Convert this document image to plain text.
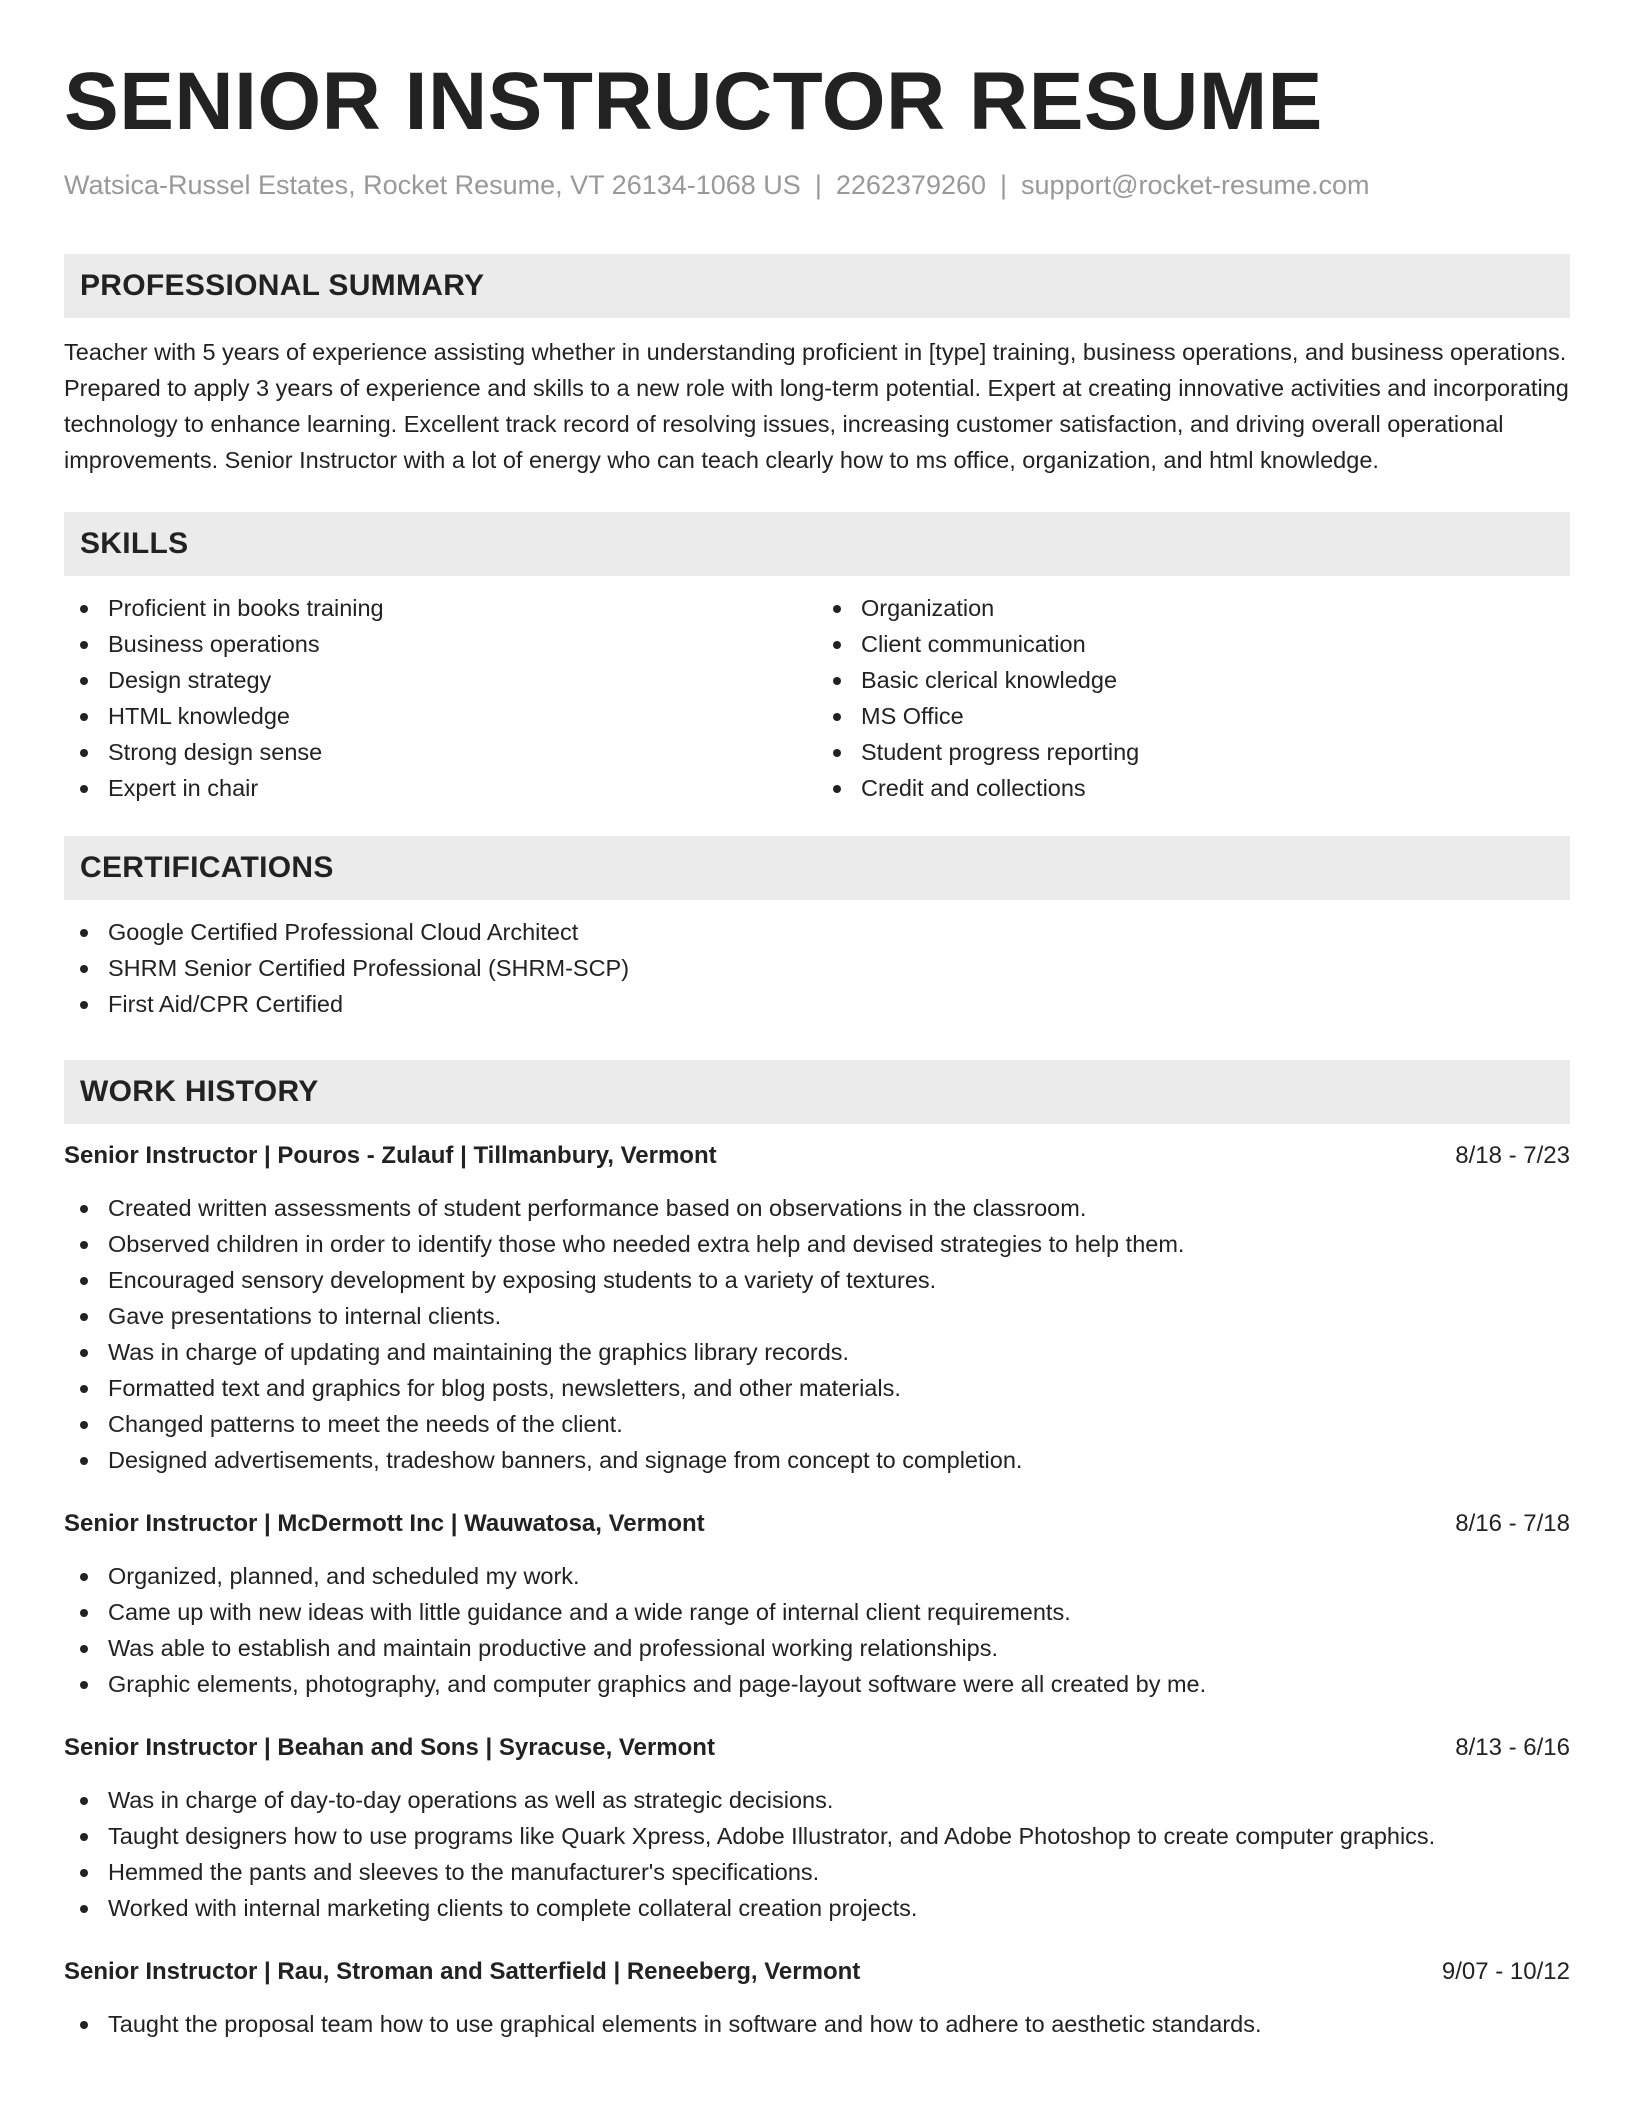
SENIOR INSTRUCTOR RESUME
Watsica-Russel Estates, Rocket Resume, VT 26134-1068 US | 2262379260 | support@rocket-resume.com
PROFESSIONAL SUMMARY

Teacher with 5 years of experience assisting whether in understanding proficient in [type] training, business operations, and business operations. Prepared to apply 3 years of experience and skills to a new role with long-term potential. Expert at creating innovative activities and incorporating technology to enhance learning. Excellent track record of resolving issues, increasing customer satisfaction, and driving overall operational improvements. Senior Instructor with a lot of energy who can teach clearly how to ms office, organization, and html knowledge.

SKILLS
Proficient in books training
Business operations
Design strategy
HTML knowledge
Strong design sense
Expert in chair
Organization
Client communication
Basic clerical knowledge
MS Office
Student progress reporting
Credit and collections
CERTIFICATIONS
Google Certified Professional Cloud Architect
SHRM Senior Certified Professional (SHRM-SCP)
First Aid/CPR Certified
WORK HISTORY
Senior Instructor | Pouros - Zulauf | Tillmanbury, Vermont	8/18 - 7/23
Created written assessments of student performance based on observations in the classroom.
Observed children in order to identify those who needed extra help and devised strategies to help them.
Encouraged sensory development by exposing students to a variety of textures.
Gave presentations to internal clients.
Was in charge of updating and maintaining the graphics library records.
Formatted text and graphics for blog posts, newsletters, and other materials.
Changed patterns to meet the needs of the client.
Designed advertisements, tradeshow banners, and signage from concept to completion.
Senior Instructor | McDermott Inc | Wauwatosa, Vermont	8/16 - 7/18
Organized, planned, and scheduled my work.
Came up with new ideas with little guidance and a wide range of internal client requirements.
Was able to establish and maintain productive and professional working relationships.
Graphic elements, photography, and computer graphics and page-layout software were all created by me.
Senior Instructor | Beahan and Sons | Syracuse, Vermont	8/13 - 6/16
Was in charge of day-to-day operations as well as strategic decisions.
Taught designers how to use programs like Quark Xpress, Adobe Illustrator, and Adobe Photoshop to create computer graphics.
Hemmed the pants and sleeves to the manufacturer's specifications.
Worked with internal marketing clients to complete collateral creation projects.
Senior Instructor | Rau, Stroman and Satterfield | Reneeberg, Vermont	9/07 - 10/12
Taught the proposal team how to use graphical elements in software and how to adhere to aesthetic standards.
